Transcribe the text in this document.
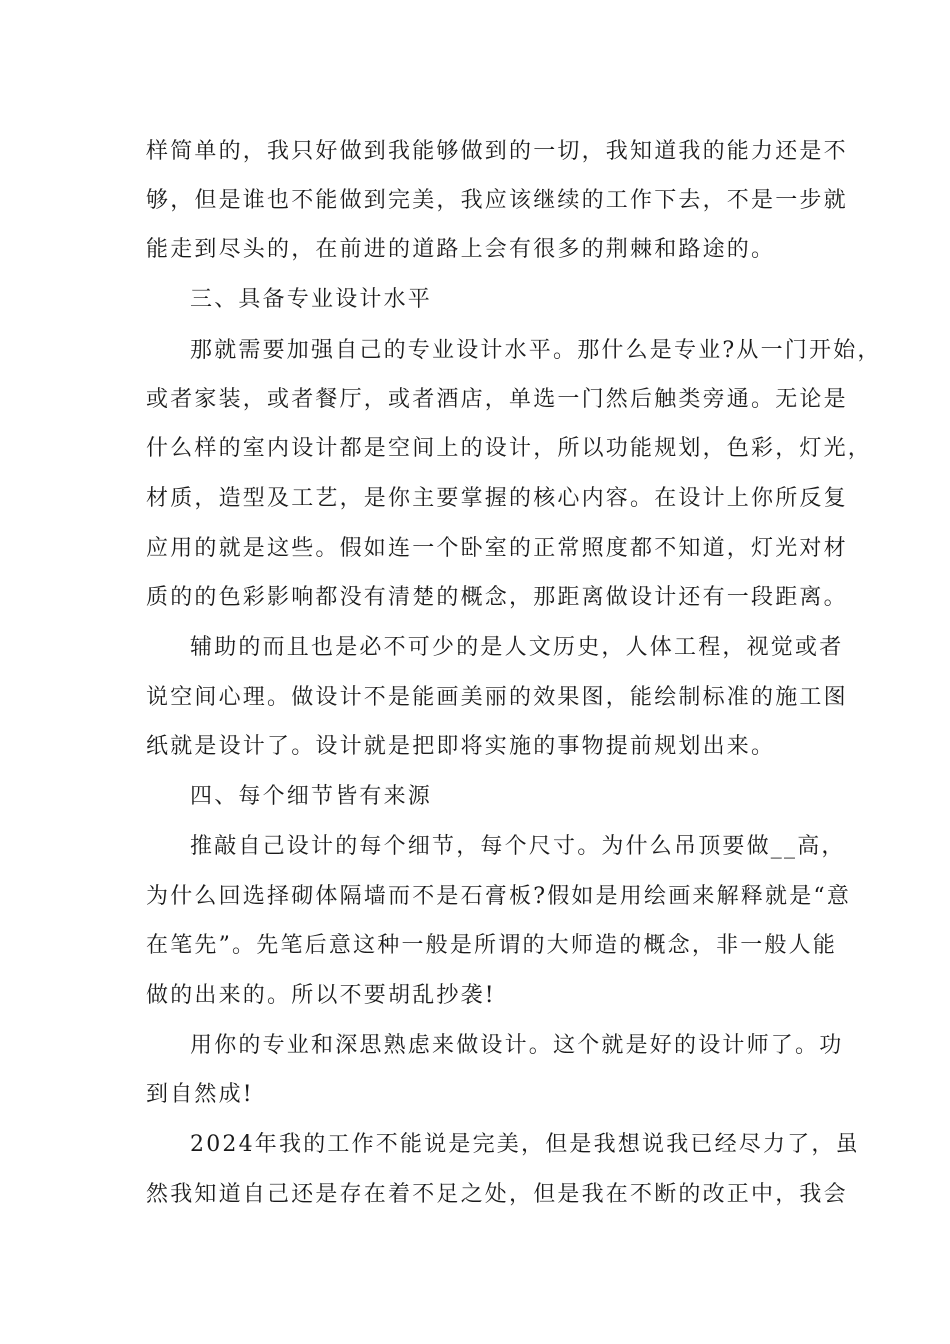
样简单的，我只好做到我能够做到的一切，我知道我的能力还是不
够，但是谁也不能做到完美，我应该继续的工作下去，不是一步就
能走到尽头的，在前进的道路上会有很多的荆棘和路途的。
三、具备专业设计水平
那就需要加强自己的专业设计水平。那什么是专业?从一门开始，
或者家装，或者餐厅，或者酒店，单选一门然后触类旁通。无论是
什么样的室内设计都是空间上的设计，所以功能规划，色彩，灯光，
材质，造型及工艺，是你主要掌握的核心内容。在设计上你所反复
应用的就是这些。假如连一个卧室的正常照度都不知道，灯光对材
质的的色彩影响都没有清楚的概念，那距离做设计还有一段距离。
辅助的而且也是必不可少的是人文历史，人体工程，视觉或者
说空间心理。做设计不是能画美丽的效果图，能绘制标准的施工图
纸就是设计了。设计就是把即将实施的事物提前规划出来。
四、每个细节皆有来源
推敲自己设计的每个细节，每个尺寸。为什么吊顶要做__高，
为什么回选择砌体隔墙而不是石膏板?假如是用绘画来解释就是“意
在笔先”。先笔后意这种一般是所谓的大师造的概念，非一般人能
做的出来的。所以不要胡乱抄袭!
用你的专业和深思熟虑来做设计。这个就是好的设计师了。功
到自然成!
2024年我的工作不能说是完美，但是我想说我已经尽力了，虽
然我知道自己还是存在着不足之处，但是我在不断的改正中，我会
